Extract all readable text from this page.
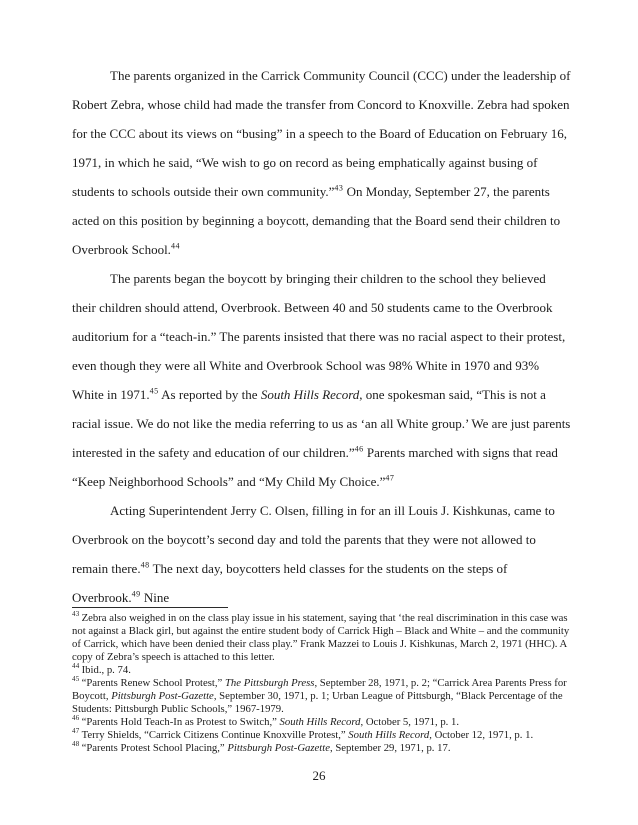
The parents organized in the Carrick Community Council (CCC) under the leadership of Robert Zebra, whose child had made the transfer from Concord to Knoxville. Zebra had spoken for the CCC about its views on “busing” in a speech to the Board of Education on February 16, 1971, in which he said, “We wish to go on record as being emphatically against busing of students to schools outside their own community.”$^{43}$ On Monday, September 27, the parents acted on this position by beginning a boycott, demanding that the Board send their children to Overbrook School.$^{44}$

The parents began the boycott by bringing their children to the school they believed their children should attend, Overbrook. Between 40 and 50 students came to the Overbrook auditorium for a “teach-in.” The parents insisted that there was no racial aspect to their protest, even though they were all White and Overbrook School was 98% White in 1970 and 93% White in 1971.45 As reported by the South Hills Record, one spokesman said, “This is not a racial issue. We do not like the media referring to us as ‘an all White group.’ We are just parents interested in the safety and education of our children.”$^{46}$ Parents marched with signs that read “Keep Neighborhood Schools” and “My Child My Choice.”$^{47}$

Acting Superintendent Jerry C. Olsen, filling in for an ill Louis J. Kishkunas, came to Overbrook on the boycott’s second day and told the parents that they were not allowed to remain there.$^{48}$ The next day, boycotters held classes for the students on the steps of Overbrook.$^{49}$ Nine

$^{43}$ Zebra also weighed in on the class play issue in his statement, saying that ‘the real discrimination in this case was not against a Black girl, but against the entire student body of Carrick High – Black and White – and the community of Carrick, which have been denied their class play.” Frank Mazzei to Louis J. Kishkunas, March 2, 1971 (HHC). A copy of Zebra’s speech is attached to this letter.
$^{44}$ Ibid., p. 74.
$^{45}$ “Parents Renew School Protest,” The Pittsburgh Press, September 28, 1971, p. 2; “Carrick Area Parents Press for Boycott, Pittsburgh Post-Gazette, September 30, 1971, p. 1; Urban League of Pittsburgh, “Black Percentage of the Students: Pittsburgh Public Schools,” 1967-1979.
$^{46}$ “Parents Hold Teach-In as Protest to Switch,” South Hills Record, October 5, 1971, p. 1.
$^{47}$ Terry Shields, “Carrick Citizens Continue Knoxville Protest,” South Hills Record, October 12, 1971, p. 1.
$^{48}$ “Parents Protest School Placing,” Pittsburgh Post-Gazette, September 29, 1971, p. 17.
26
